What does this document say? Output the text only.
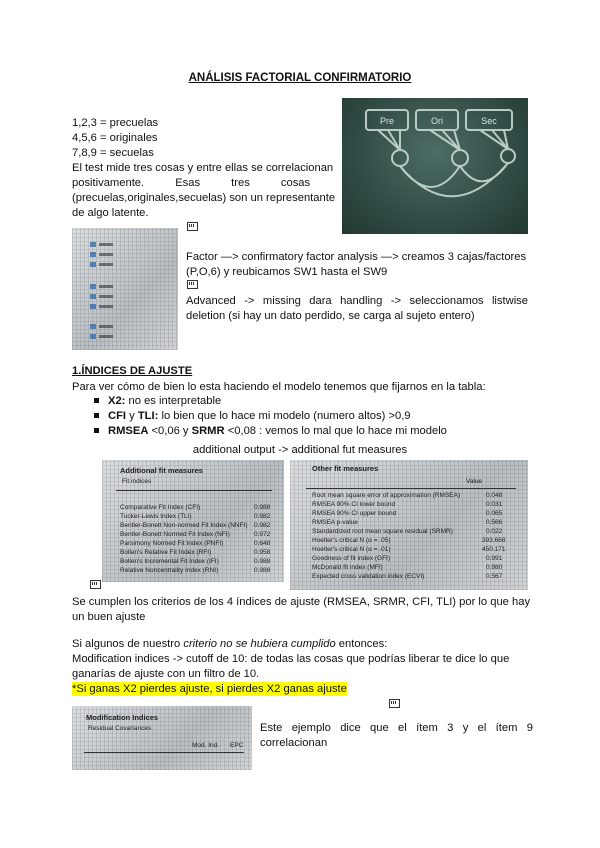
ANÁLISIS FACTORIAL CONFIRMATORIO
1,2,3 = precuelas
4,5,6 = originales
7,8,9 = secuelas
El test mide tres cosas y entre ellas se correlacionan
positivamente.          Esas          tres          cosas
(precuelas,originales,secuelas) son un representante
de algo latente.
Pre	Ori	Sec
Factor —> confirmatory factor analysis —> creamos 3 cajas/factores
(P,O,6) y reubicamos SW1 hasta el SW9
Advanced -> missing dara handling -> seleccionamos listwise
deletion (si hay un dato perdido, se carga al sujeto entero)
1.ÍNDICES DE AJUSTE
Para ver cómo de bien lo esta haciendo el modelo tenemos que fijarnos en la tabla:
X2: no es interpretable
CFI y TLI: lo bien que lo hace mi modelo (numero altos) >0,9
RMSEA <0,06 y SRMR <0,08 : vemos lo mal que lo hace mi modelo
additional output -> additional fut measures
Additional fit measures
Fit indices
Comparative Fit Index (CFI)	0.988
Tucker-Lewis Index (TLI)	0.982
Bentler-Bonett Non-normed Fit Index (NNFI) 0.982
Bentler-Bonett Normed Fit Index (NFI)	0.972
Parsimony Normed Fit Index (PNFI)	0.648
Bollen's Relative Fit Index (RFI)	0.958
Bollen's Incremental Fit Index (IFI)	0.988
Relative Noncentrality Index (RNI)	0.988
Other fit measures
Value
Root mean square error of approximation (RMSEA)	0.048
RMSEA 90% CI lower bound	0.031
RMSEA 90% CI upper bound	0.065
RMSEA p-value	0.566
Standardized root mean square residual (SRMR)	0.022
Hoelter's critical N (α = .05)	393.668
Hoelter's critical N (α = .01)	450.171
Goodness of fit index (GFI)	0.991
McDonald fit index (MFI)	0.980
Expected cross validation index (ECVI)	0.567
Se cumplen los criterios de los 4 índices de ajuste (RMSEA, SRMR, CFI, TLI) por lo que hay
un buen ajuste
Si algunos de nuestro criterio no se hubiera cumplido entonces:
Modification indices -> cutoff de 10: de todas las cosas que podrías liberar te dice lo que
ganarías de ajuste con un filtro de 10.
*Si ganas X2 pierdes ajuste, si pierdes X2 ganas ajuste
Modification Indices
Residual Covariances
Mod. Ind. EPC
Este   ejemplo   dice   que   el   ítem   3   y   el   ítem   9
correlacionan
